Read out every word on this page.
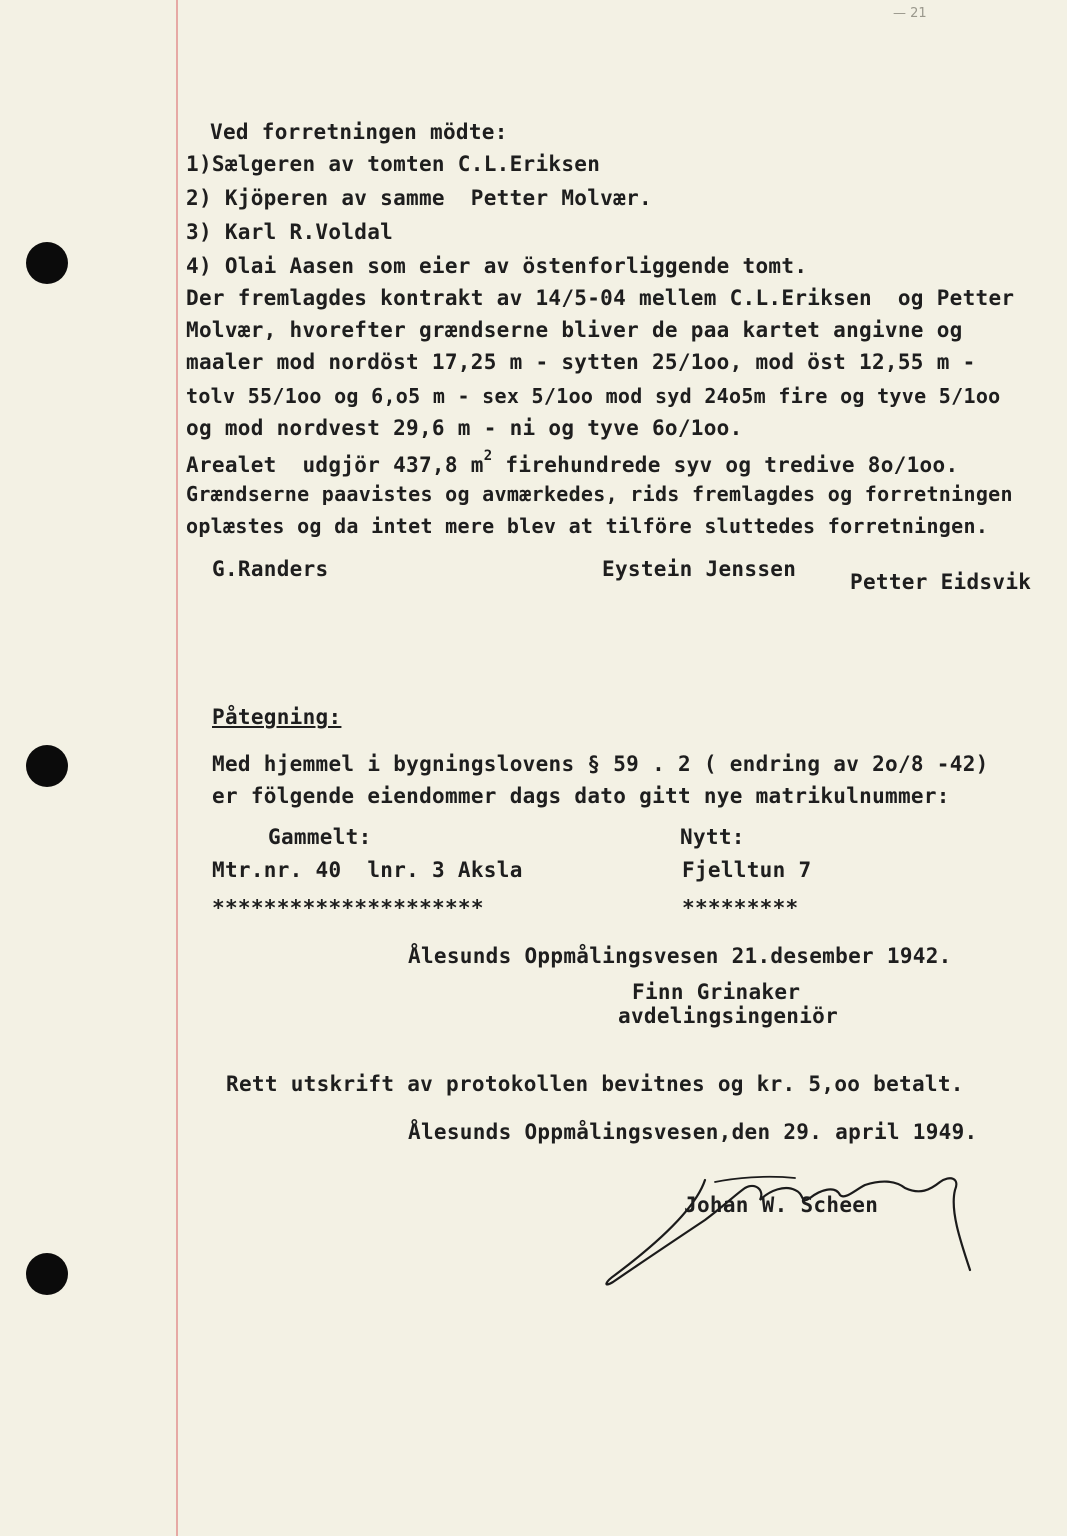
— 21
Ved forretningen mödte:
1)Sælgeren av tomten C.L.Eriksen
2) Kjöperen av samme  Petter Molvær.
3) Karl R.Voldal
4) Olai Aasen som eier av östenforliggende tomt.
Der fremlagdes kontrakt av 14/5-04 mellem C.L.Eriksen  og Petter
Molvær, hvorefter grændserne bliver de paa kartet angivne og
maaler mod nordöst 17,25 m - sytten 25/1oo, mod öst 12,55 m -
tolv 55/1oo og 6,o5 m - sex 5/1oo mod syd 24o5m fire og tyve 5/1oo
og mod nordvest 29,6 m - ni og tyve 6o/1oo.
Arealet  udgjör 437,8 $m^2$ firehundrede syv og tredive 8o/1oo.
Grændserne paavistes og avmærkedes, rids fremlagdes og forretningen
oplæstes og da intet mere blev at tilföre sluttedes forretningen.
G.Randers	Eystein Jenssen
Petter Eidsvik
Påtegning:
Med hjemmel i bygningslovens § 59 . 2 ( endring av 2o/8 -42)
er fölgende eiendommer dags dato gitt nye matrikulnummer:
Gammelt:	Nytt:
Mtr.nr. 40  lnr. 3 Aksla	Fjelltun 7
*********************	*********
Ålesunds Oppmålingsvesen 21.desember 1942.
Finn Grinaker
avdelingsingeniör
Rett utskrift av protokollen bevitnes og kr. 5,oo betalt.
Ålesunds Oppmålingsvesen,den 29. april 1949.
Johan W. Scheen
